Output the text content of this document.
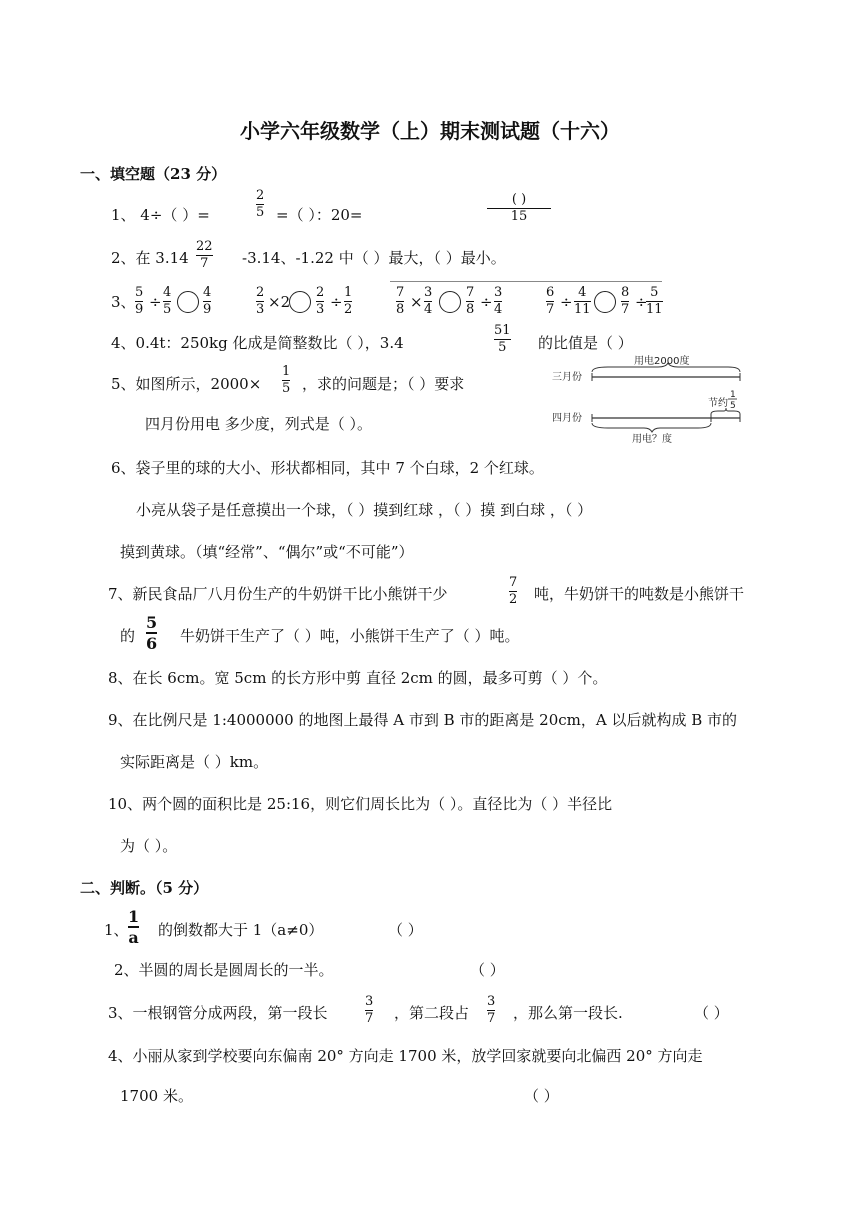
小学六年级数学（上）期末测试题（十六）
一、填空题（23 分）
1、 4÷（ ）=
2
5 =（ ）：20=
( )
15
2、在 3.14
22
7 -3.14、-1.22 中（ ）最大，（ ）最小。
3、
5
9 ÷
4
5
4
9
2
3 ×2
2
3 ÷
1
2
7
8 ×
3
4
7
8 ÷
3
4
6
7 ÷
4
11
8
7 ÷
5
11
4、0.4t：250kg 化成是简整数比（ ），3.4
51
5 的比值是（ ）
5、如图所示，2000×
1
5 ，求的问题是；（ ）要求
四月份用电 多少度，列式是（ ）。
三月份
四月份
用电2000度
节约
1
5
用电？度
6、袋子里的球的大小、形状都相同，其中 7 个白球，2 个红球。
小亮从袋子是任意摸出一个球，（ ）摸到红球 ，（ ）摸 到白球 ，（ ）
摸到黄球。（填“经常”、“偶尔”或“不可能”）
7、新民食品厂八月份生产的牛奶饼干比小熊饼干少
7
2 吨，牛奶饼干的吨数是小熊饼干
的
5
6 牛奶饼干生产了（ ）吨，小熊饼干生产了（ ）吨。
8、在长 6cm。宽 5cm 的长方形中剪 直径 2cm 的圆，最多可剪（ ）个。
9、在比例尺是 1:4000000 的地图上最得 A 市到 B 市的距离是 20cm，A 以后就构成 B 市的
实际距离是（ ）km。
10、两个圆的面积比是 25:16，则它们周长比为（ ）。直径比为（ ）半径比
为（ ）。
二、判断。（5 分）
1、
1
a 的倒数都大于 1（a≠0）	（ ）
2、半圆的周长是圆周长的一半。	（ ）
3、一根钢管分成两段，第一段长
3
7 ，第二段占
3
7 ，那么第一段长.	（ ）
4、小丽从家到学校要向东偏南 20° 方向走 1700 米，放学回家就要向北偏西 20° 方向走
1700 米。	（ ）
